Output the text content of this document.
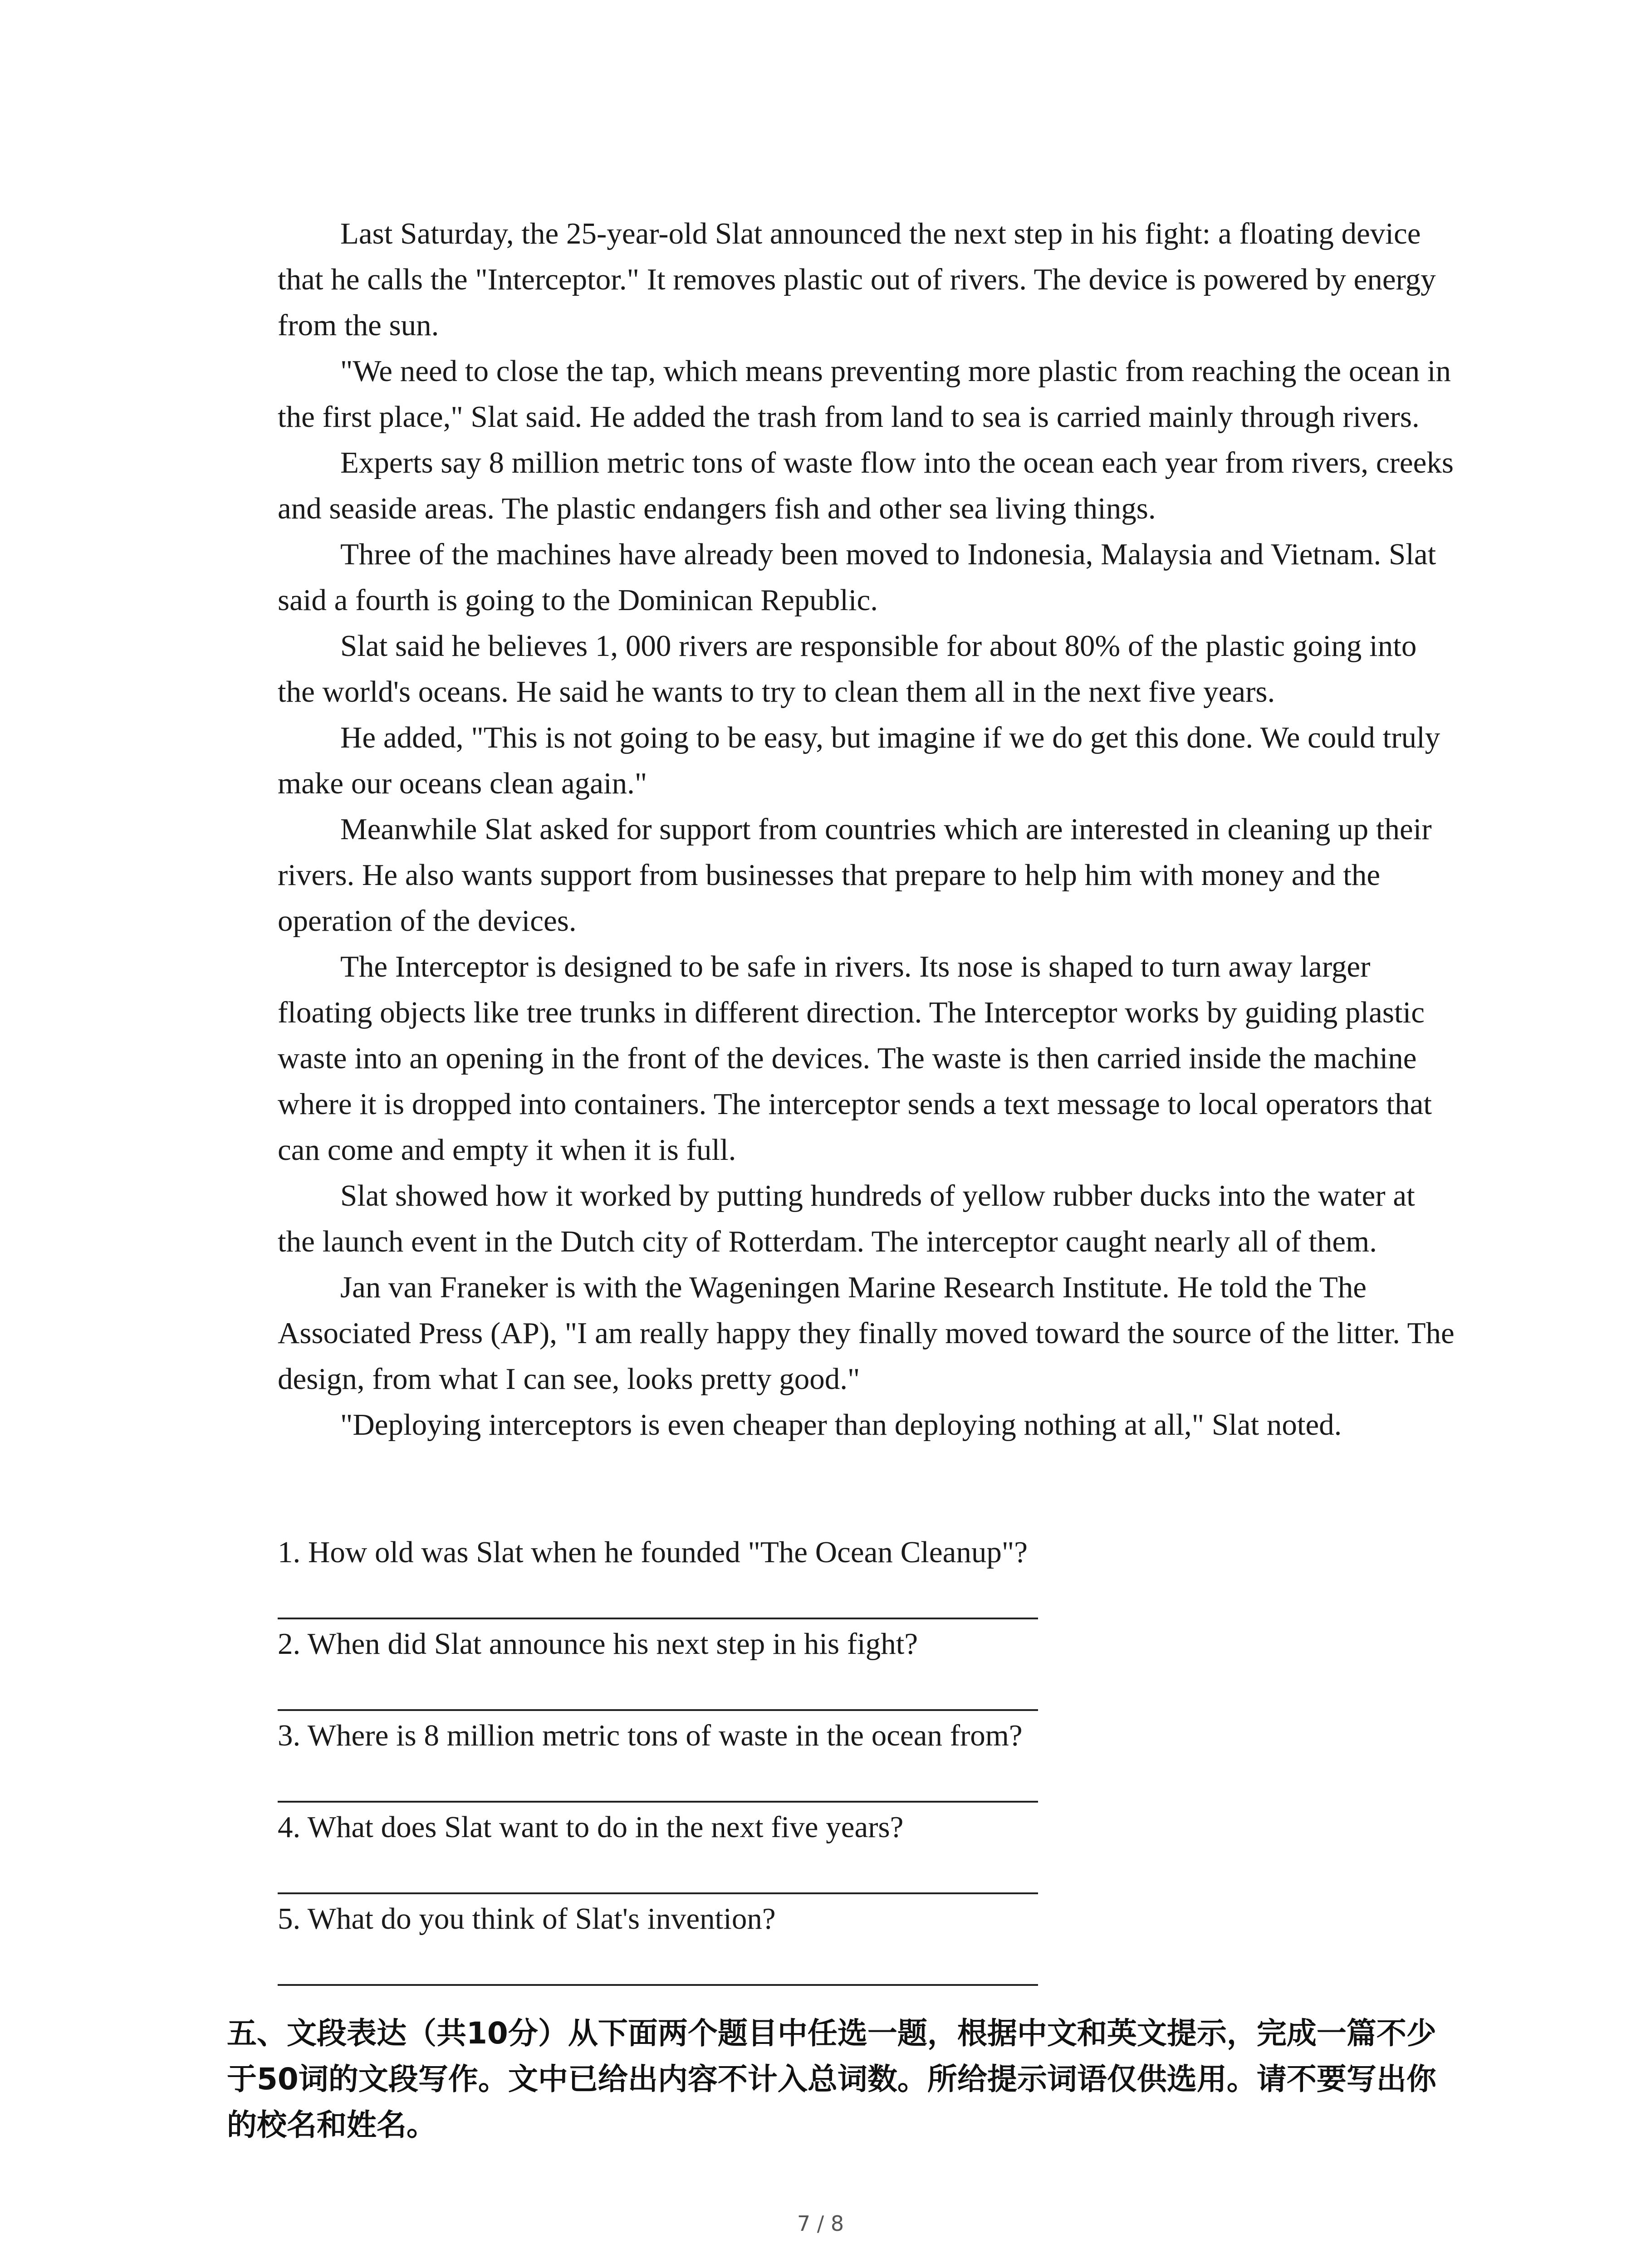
Last Saturday, the 25-year-old Slat announced the next step in his fight: a floating device that he calls the "Interceptor." It removes plastic out of rivers. The device is powered by energy from the sun.

"We need to close the tap, which means preventing more plastic from reaching the ocean in the first place," Slat said. He added the trash from land to sea is carried mainly through rivers.

Experts say 8 million metric tons of waste flow into the ocean each year from rivers, creeks and seaside areas. The plastic endangers fish and other sea living things.

Three of the machines have already been moved to Indonesia, Malaysia and Vietnam. Slat said a fourth is going to the Dominican Republic.

Slat said he believes 1, 000 rivers are responsible for about 80% of the plastic going into the world's oceans. He said he wants to try to clean them all in the next five years.

He added, "This is not going to be easy, but imagine if we do get this done. We could truly make our oceans clean again."

Meanwhile Slat asked for support from countries which are interested in cleaning up their rivers. He also wants support from businesses that prepare to help him with money and the operation of the devices.

The Interceptor is designed to be safe in rivers. Its nose is shaped to turn away larger floating objects like tree trunks in different direction. The Interceptor works by guiding plastic waste into an opening in the front of the devices. The waste is then carried inside the machine where it is dropped into containers. The interceptor sends a text message to local operators that can come and empty it when it is full.

Slat showed how it worked by putting hundreds of yellow rubber ducks into the water at the launch event in the Dutch city of Rotterdam. The interceptor caught nearly all of them.

Jan van Franeker is with the Wageningen Marine Research Institute. He told the The Associated Press (AP), "I am really happy they finally moved toward the source of the litter. The design, from what I can see, looks pretty good."

"Deploying interceptors is even cheaper than deploying nothing at all," Slat noted.

1. How old was Slat when he founded "The Ocean Cleanup"?
2. When did Slat announce his next step in his fight?
3. Where is 8 million metric tons of waste in the ocean from?
4. What does Slat want to do in the next five years?
5. What do you think of Slat's invention?

五、文段表达（共10分）从下面两个题目中任选一题，根据中文和英文提示，完成一篇不少于50词的文段写作。文中已给出内容不计入总词数。所给提示词语仅供选用。请不要写出你的校名和姓名。

7 / 8
